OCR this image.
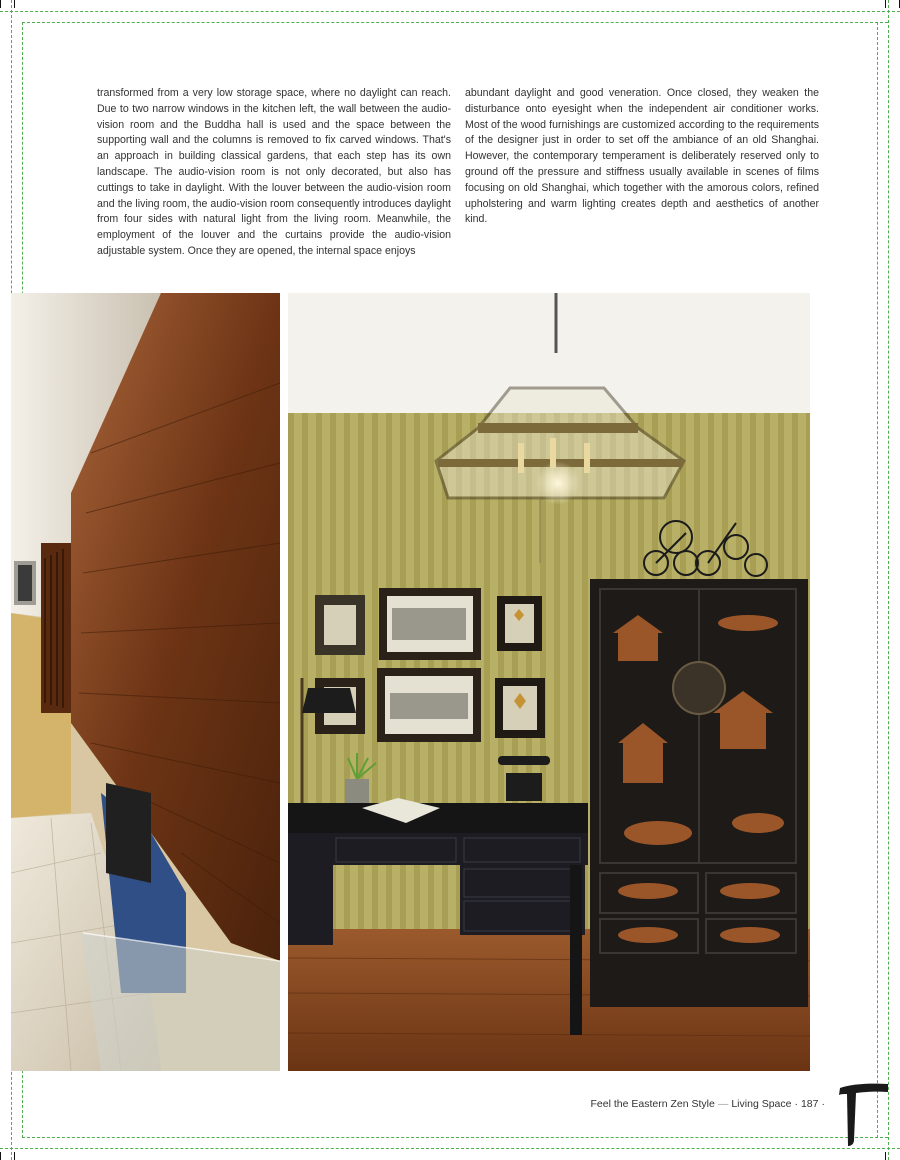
transformed from a very low storage space, where no daylight can reach. Due to two narrow windows in the kitchen left, the wall between the audio-vision room and the Buddha hall is used and the space between the supporting wall and the columns is removed to fix carved windows. That's an approach in building classical gardens, that each step has its own landscape. The audio-vision room is not only decorated, but also has cuttings to take in daylight. With the louver between the audio-vision room and the living room, the audio-vision room consequently introduces daylight from four sides with natural light from the living room. Meanwhile, the employment of the louver and the curtains provide the audio-vision adjustable system. Once they are opened, the internal space enjoys

abundant daylight and good veneration. Once closed, they weaken the disturbance onto eyesight when the independent air conditioner works. Most of the wood furnishings are customized according to the requirements of the designer just in order to set off the ambiance of an old Shanghai. However, the contemporary temperament is deliberately reserved only to ground off the pressure and stiffness usually available in scenes of films focusing on old Shanghai, which together with the amorous colors, refined upholstering and warm lighting creates depth and aesthetics of another kind.

Feel the Eastern Zen Style — Living Space · 187 ·
